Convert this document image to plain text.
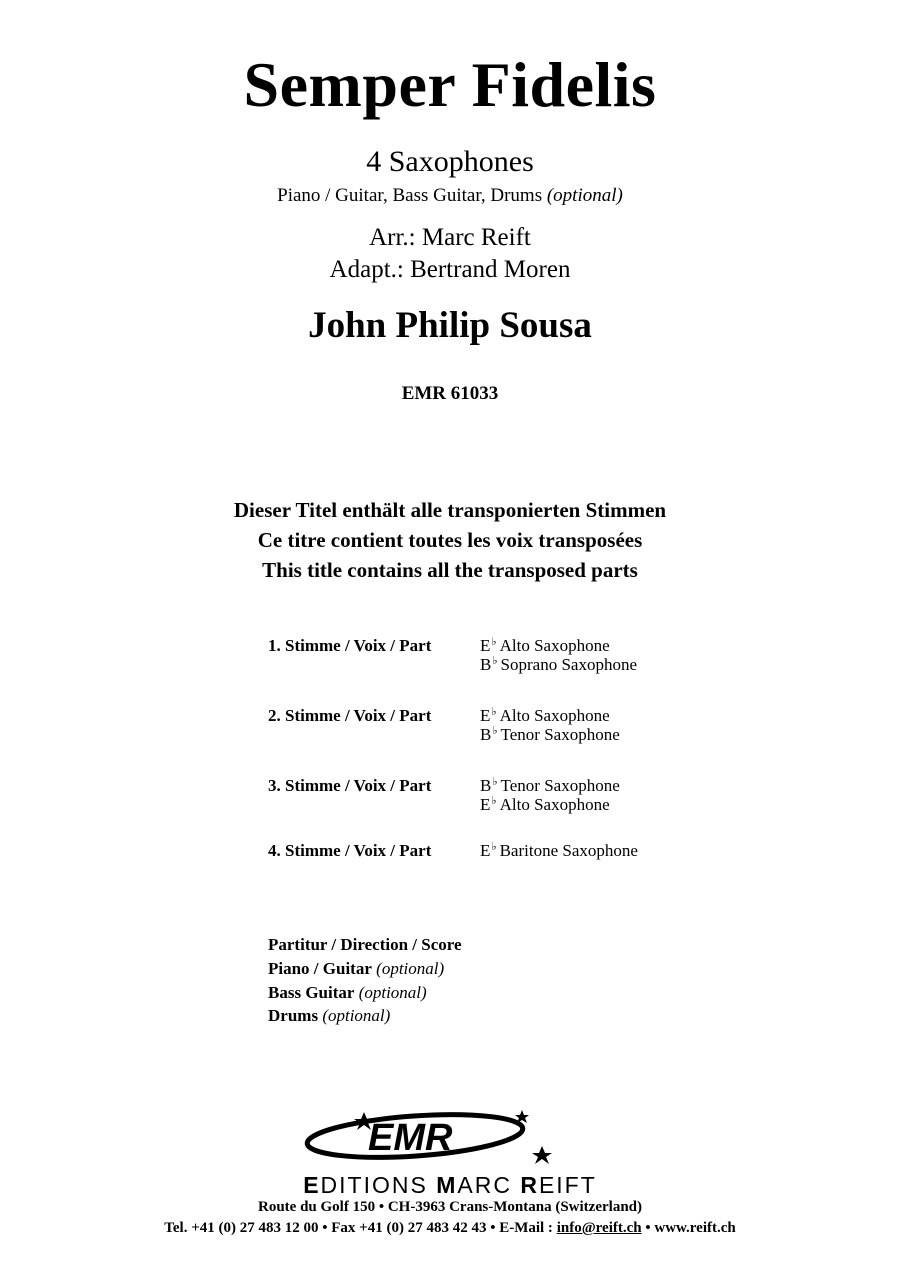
Semper Fidelis
4 Saxophones
Piano / Guitar, Bass Guitar, Drums (optional)
Arr.: Marc Reift
Adapt.: Bertrand Moren
John Philip Sousa
EMR 61033
Dieser Titel enthält alle transponierten Stimmen
Ce titre contient toutes les voix transposées
This title contains all the transposed parts
1. Stimme / Voix / Part	E♭ Alto Saxophone
B♭ Soprano Saxophone
2. Stimme / Voix / Part	E♭ Alto Saxophone
B♭ Tenor Saxophone
3. Stimme / Voix / Part	B♭ Tenor Saxophone
E♭ Alto Saxophone
4. Stimme / Voix / Part	E♭ Baritone Saxophone
Partitur / Direction / Score
Piano / Guitar (optional)
Bass Guitar (optional)
Drums (optional)
EMR
EDITIONS MARC REIFT
Route du Golf 150 • CH-3963 Crans-Montana (Switzerland)
Tel. +41 (0) 27 483 12 00 • Fax +41 (0) 27 483 42 43 • E-Mail : info@reift.ch • www.reift.ch
